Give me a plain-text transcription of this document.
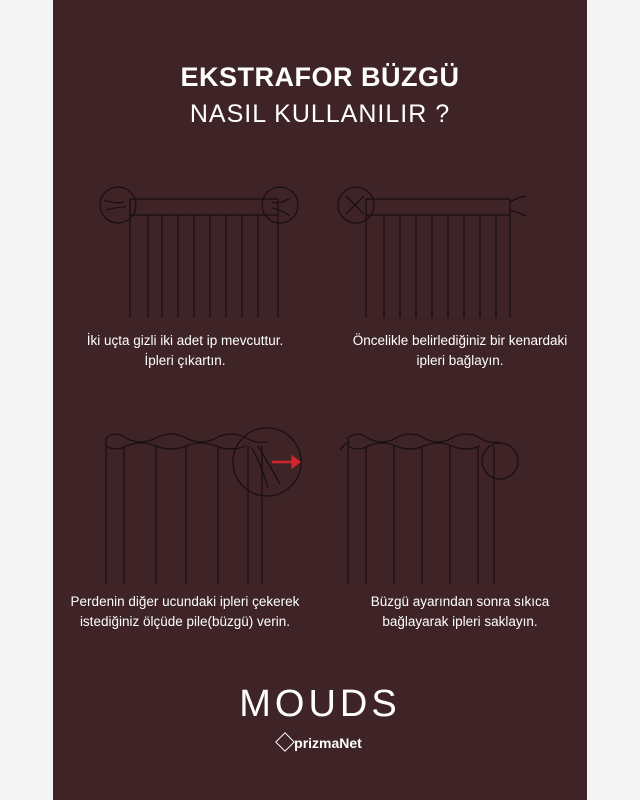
EKSTRAFOR BÜZGÜ
NASIL KULLANILIR ?
İki uçta gizli iki adet ip mevcuttur.
İpleri çıkartın.
Öncelikle belirlediğiniz bir kenardaki
ipleri bağlayın.
Perdenin diğer ucundaki ipleri çekerek
istediğiniz ölçüde pile(büzgü) verin.
Büzgü ayarından sonra sıkıca
bağlayarak ipleri saklayın.
MOUDS
prizmaNet
